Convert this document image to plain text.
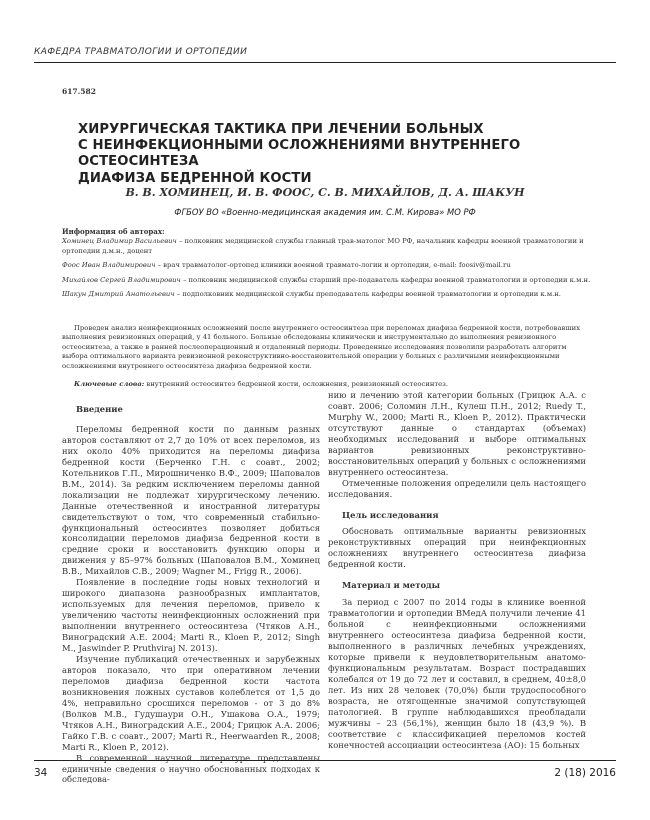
КАФЕДРА ТРАВМАТОЛОГИИ И ОРТОПЕДИИ
617.582
ХИРУРГИЧЕСКАЯ ТАКТИКА ПРИ ЛЕЧЕНИИ БОЛЬНЫХ
С НЕИНФЕКЦИОННЫМИ ОСЛОЖНЕНИЯМИ ВНУТРЕННЕГО ОСТЕОСИНТЕЗА
ДИАФИЗА БЕДРЕННОЙ КОСТИ
В. В. ХОМИНЕЦ, И. В. ФООС, С. В. МИХАЙЛОВ, Д. А. ШАКУН
ФГБОУ ВО «Военно-медицинская академия им. С.М. Кирова» МО РФ
Информация об авторах:

Хоминец Владимир Васильевич – полковник медицинской службы главный трав-матолог МО РФ, начальник кафедры военной травматологии и ортопедии д.м.н., доцент

Фоос Иван Владимирович – врач травматолог-ортопед клиники военной травмато-логии и ортопедии, e-mail: foosiv@mail.ru

Михайлов Сергей Владимирович – полковник медицинской службы старший пре-подаватель кафедры военной травматологии и ортопедии к.м.н.

Шакун Дмитрий Анатольевич – подполковник медицинской службы преподаватель кафедры военной травматологии и ортопедии к.м.н.

Проведен анализ неинфекционных осложнений после внутреннего остеосинтеза при переломах диафиза бедренной кости, потребовавших выполнения ревизионных операций, у 41 больного. Больные обследованы клинически и инструментально до выполнения ревизионного остеосинтеза, а также в ранней послеоперационный и отдаленный периоды. Проведенные исследования позволили разработать алгоритм выбора оптимального варианта ревизионной реконструктивно-восстановительной операции у больных с различными неинфекционными осложнениями внутреннего остеосинтеза диафиза бедренной кости.
Ключевые слова: внутренний остеосинтез бедренной кости, осложнения, ревизионный остеосинтез.
Введение

Переломы бедренной кости по данным разных авторов составляют от 2,7 до 10% от всех переломов, из них около 40% приходится на переломы диафиза бедренной кости (Берченко Г.Н. с соавт., 2002; Котельников Г.П., Мирошниченко В.Ф., 2009; Шаповалов В.М., 2014). За редким исключением переломы данной локализации не подлежат хирургическому лечению. Данные отечественной и иностранной литературы свидетельствуют о том, что современный стабильно-функциональный остеосинтез позволяет добиться консолидации переломов диафиза бедренной кости в средние сроки и восстановить функцию опоры и движения у 85–97% больных (Шаповалов В.М., Хоминец В.В., Михайлов С.В., 2009; Wagner M., Frigg R., 2006).

Появление в последние годы новых технологий и широкого диапазона разнообразных имплантатов, используемых для лечения переломов, привело к увеличению частоты неинфекционных осложнений при выполнении внутреннего остеосинтеза (Чтяков А.Н., Виноградский А.Е. 2004; Marti R., Kloen P., 2012; Singh M., Jaswinder P. Pruthviraj N. 2013).

Изучение публикаций отечественных и зарубежных авторов показало, что при оперативном лечении переломов диафиза бедренной кости частота возникновения ложных суставов колеблется от 1,5 до 4%, неправильно сросшихся переломов - от 3 до 8% (Волков М.В., Гудушаури О.Н., Ушакова О.А., 1979; Чтяков А.Н., Виноградский А.Е., 2004; Грицюк А.А. 2006; Гайко Г.В. с соавт., 2007; Marti R., Heerwaarden R., 2008; Marti R., Kloen P., 2012).

В современной научной литературе представлены единичные сведения о научно обоснованных подходах к обследова-

нию и лечению этой категории больных (Грицюк А.А. с соавт. 2006; Соломин Л.Н., Кулеш П.Н., 2012; Ruedy T., Murphy W., 2000; Marti R., Kloen P., 2012). Практически отсутствуют данные о стандартах (объемах) необходимых исследований и выборе оптимальных вариантов ревизионных реконструктивно-восстановительных операций у больных с осложнениями внутреннего остеосинтеза.

Отмеченные положения определили цель настоящего исследования.

Цель исследования

Обосновать оптимальные варианты ревизионных реконструктивных операций при неинфекционных осложнениях внутреннего остеосинтеза диафиза бедренной кости.

Материал и методы

За период с 2007 по 2014 годы в клинике военной травматологии и ортопедии ВМедА получили лечение 41 больной с неинфекционными осложнениями внутреннего остеосинтеза диафиза бедренной кости, выполненного в различных лечебных учреждениях, которые привели к неудовлетворительным анатомо-функциональным результатам. Возраст пострадавших колебался от 19 до 72 лет и составил, в среднем, 40±8,0 лет. Из них 28 человек (70,0%) были трудоспособного возраста, не отягощенные значимой сопутствующей патологией. В группе наблюдавшихся преобладали мужчины – 23 (56,1%), женщин было 18 (43,9 %). В соответствие с классификацией переломов костей конечностей ассоциации остеосинтеза (АО): 15 больных

34	2 (18) 2016
